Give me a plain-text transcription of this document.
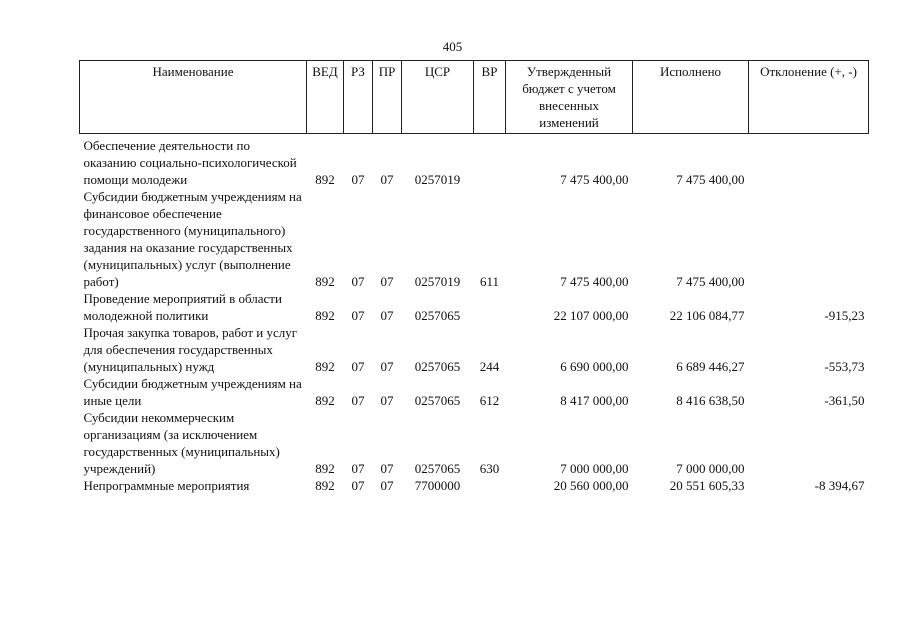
405
Наименование	ВЕД	РЗ	ПР	ЦСР	ВР	Утвержденный бюджет с учетом внесенных изменений	Исполнено	Отклонение (+, -)
Обеспечение деятельности по оказанию социально-психологической помощи молодежи	892	07	07	0257019		7 475 400,00	7 475 400,00	
Субсидии бюджетным учреждениям на финансовое обеспечение государственного (муниципального) задания на оказание государственных (муниципальных) услуг (выполнение работ)	892	07	07	0257019	611	7 475 400,00	7 475 400,00	
Проведение мероприятий в области молодежной политики	892	07	07	0257065		22 107 000,00	22 106 084,77	-915,23
Прочая закупка товаров, работ и услуг для обеспечения государственных (муниципальных) нужд	892	07	07	0257065	244	6 690 000,00	6 689 446,27	-553,73
Субсидии бюджетным учреждениям на иные цели	892	07	07	0257065	612	8 417 000,00	8 416 638,50	-361,50
Субсидии некоммерческим организациям (за исключением государственных (муниципальных) учреждений)	892	07	07	0257065	630	7 000 000,00	7 000 000,00	
Непрограммные мероприятия	892	07	07	7700000		20 560 000,00	20 551 605,33	-8 394,67
